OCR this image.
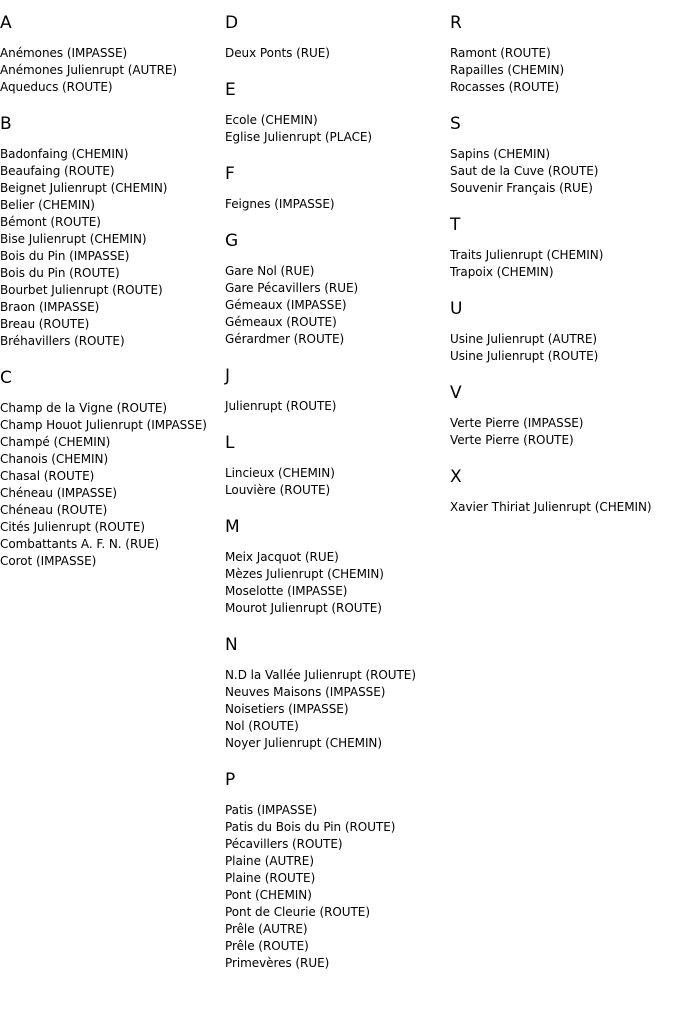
A
Anémones (IMPASSE)
Anémones Julienrupt (AUTRE)
Aqueducs (ROUTE)
B
Badonfaing (CHEMIN)
Beaufaing (ROUTE)
Beignet Julienrupt (CHEMIN)
Belier (CHEMIN)
Bémont (ROUTE)
Bise Julienrupt (CHEMIN)
Bois du Pin (IMPASSE)
Bois du Pin (ROUTE)
Bourbet Julienrupt (ROUTE)
Braon (IMPASSE)
Breau (ROUTE)
Bréhavillers (ROUTE)
C
Champ de la Vigne (ROUTE)
Champ Houot Julienrupt (IMPASSE)
Champé (CHEMIN)
Chanois (CHEMIN)
Chasal (ROUTE)
Chéneau (IMPASSE)
Chéneau (ROUTE)
Cités Julienrupt (ROUTE)
Combattants A. F. N. (RUE)
Corot (IMPASSE)
D
Deux Ponts (RUE)
E
Ecole (CHEMIN)
Eglise Julienrupt (PLACE)
F
Feignes (IMPASSE)
G
Gare Nol (RUE)
Gare Pécavillers (RUE)
Gémeaux (IMPASSE)
Gémeaux (ROUTE)
Gérardmer (ROUTE)
J
Julienrupt (ROUTE)
L
Lincieux (CHEMIN)
Louvière (ROUTE)
M
Meix Jacquot (RUE)
Mèzes Julienrupt (CHEMIN)
Moselotte (IMPASSE)
Mourot Julienrupt (ROUTE)
N
N.D la Vallée Julienrupt (ROUTE)
Neuves Maisons (IMPASSE)
Noisetiers (IMPASSE)
Nol (ROUTE)
Noyer Julienrupt (CHEMIN)
P
Patis (IMPASSE)
Patis du Bois du Pin (ROUTE)
Pécavillers (ROUTE)
Plaine (AUTRE)
Plaine (ROUTE)
Pont (CHEMIN)
Pont de Cleurie (ROUTE)
Prêle (AUTRE)
Prêle (ROUTE)
Primevères (RUE)
R
Ramont (ROUTE)
Rapailles (CHEMIN)
Rocasses (ROUTE)
S
Sapins (CHEMIN)
Saut de la Cuve (ROUTE)
Souvenir Français (RUE)
T
Traits Julienrupt (CHEMIN)
Trapoix (CHEMIN)
U
Usine Julienrupt (AUTRE)
Usine Julienrupt (ROUTE)
V
Verte Pierre (IMPASSE)
Verte Pierre (ROUTE)
X
Xavier Thiriat Julienrupt (CHEMIN)
